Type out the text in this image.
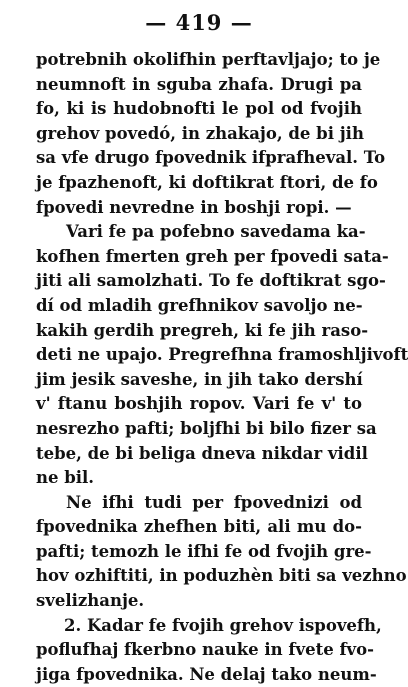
— 419 —
potrebnih okolifhin perftavljajo; to je
neumnoft in sguba zhafa. Drugi pa
fo, ki is hudobnofti le pol od fvojih
grehov povedó, in zhakajo, de bi jih
sa vfe drugo fpovednik ifprafheval. To
je fpazhenoft, ki doftikrat ftori, de fo
fpovedi nevredne in boshji ropi. —
Vari fe pa pofebno savedama ka-
kofhen fmerten greh per fpovedi sata-
jiti ali samolzhati. To fe doftikrat sgo-
dí od mladih grefhnikov savoljo ne-
kakih gerdih pregreh, ki fe jih raso-
deti ne upajo. Pregrefhna framoshljivoft
jim jesik saveshe, in jih tako dershí
v' ftanu boshjih ropov. Vari fe v' to
nesrezho pafti; boljfhi bi bilo fizer sa
tebe, de bi beliga dneva nikdar vidil
ne bil.
Ne ifhi tudi per fpovednizi od
fpovednika zhefhen biti, ali mu do-
pafti; temozh le ifhi fe od fvojih gre-
hov ozhiftiti, in poduzhèn biti sa vezhno
svelizhanje.
2. Kadar fe fvojih grehov ispovefh,
poflufhaj fkerbno nauke in fvete fvo-
jiga fpovednika. Ne delaj tako neum-
